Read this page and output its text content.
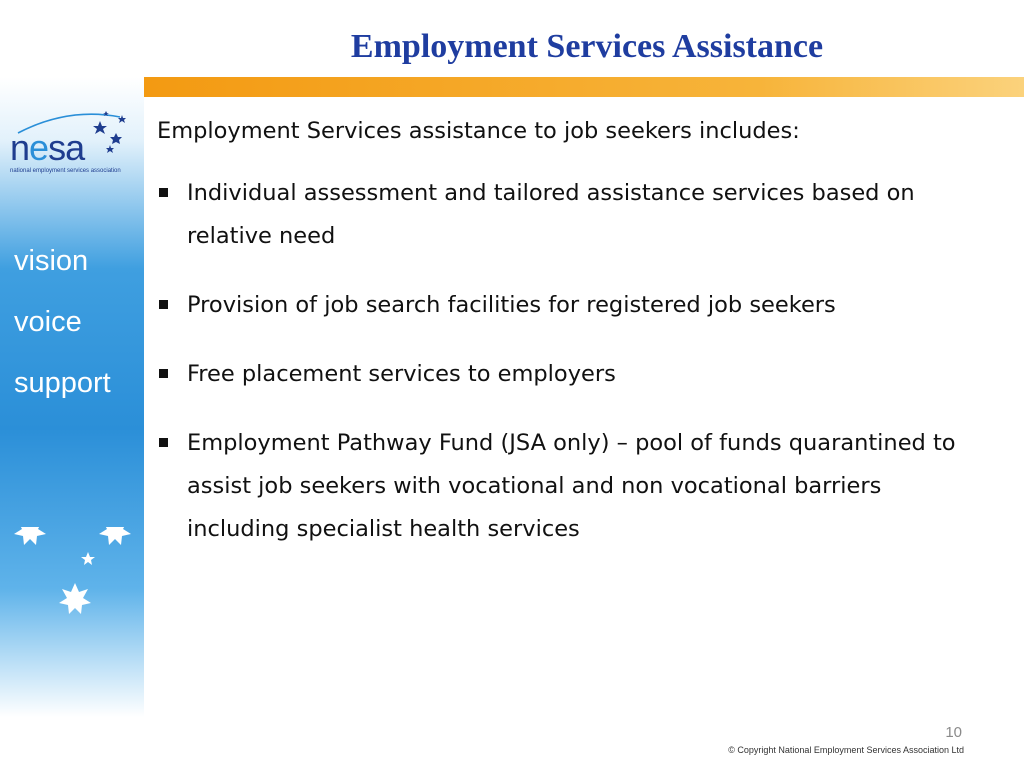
Employment Services Assistance
nesa
national employment services association
vision
voice
support

Employment Services assistance to job seekers includes:

Individual assessment and tailored assistance services based on relative need
Provision of job search facilities for registered job seekers
Free placement services to employers
Employment Pathway Fund (JSA only) – pool of funds quarantined to assist job seekers with vocational and non vocational barriers including specialist health services
10
© Copyright National Employment Services Association Ltd
